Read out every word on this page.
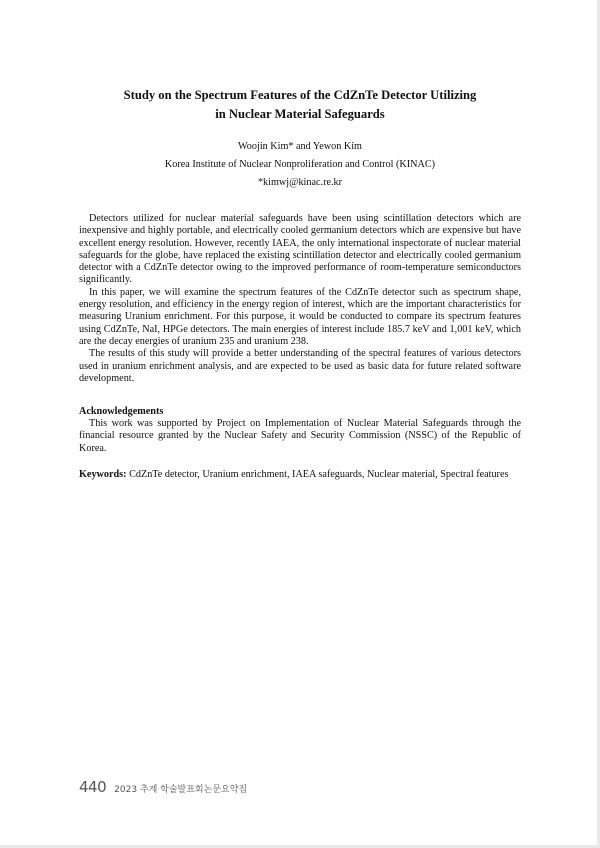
Study on the Spectrum Features of the CdZnTe Detector Utilizing
in Nuclear Material Safeguards
Woojin Kim* and Yewon Kim
Korea Institute of Nuclear Nonproliferation and Control (KINAC)
*kimwj@kinac.re.kr

Detectors utilized for nuclear material safeguards have been using scintillation detectors which are inexpensive and highly portable, and electrically cooled germanium detectors which are expensive but have excellent energy resolution. However, recently IAEA, the only international inspectorate of nuclear material safeguards for the globe, have replaced the existing scintillation detector and electrically cooled germanium detector with a CdZnTe detector owing to the improved performance of room-temperature semiconductors significantly.

In this paper, we will examine the spectrum features of the CdZnTe detector such as spectrum shape, energy resolution, and efficiency in the energy region of interest, which are the important characteristics for measuring Uranium enrichment. For this purpose, it would be conducted to compare its spectrum features using CdZnTe, NaI, HPGe detectors. The main energies of interest include 185.7 keV and 1,001 keV, which are the decay energies of uranium 235 and uranium 238.

The results of this study will provide a better understanding of the spectral features of various detectors used in uranium enrichment analysis, and are expected to be used as basic data for future related software development.

Acknowledgements

This work was supported by Project on Implementation of Nuclear Material Safeguards through the financial resource granted by the Nuclear Safety and Security Commission (NSSC) of the Republic of Korea.

Keywords: CdZnTe detector, Uranium enrichment, IAEA safeguards, Nuclear material, Spectral features
440 2023 추계 학술발표회논문요약집
